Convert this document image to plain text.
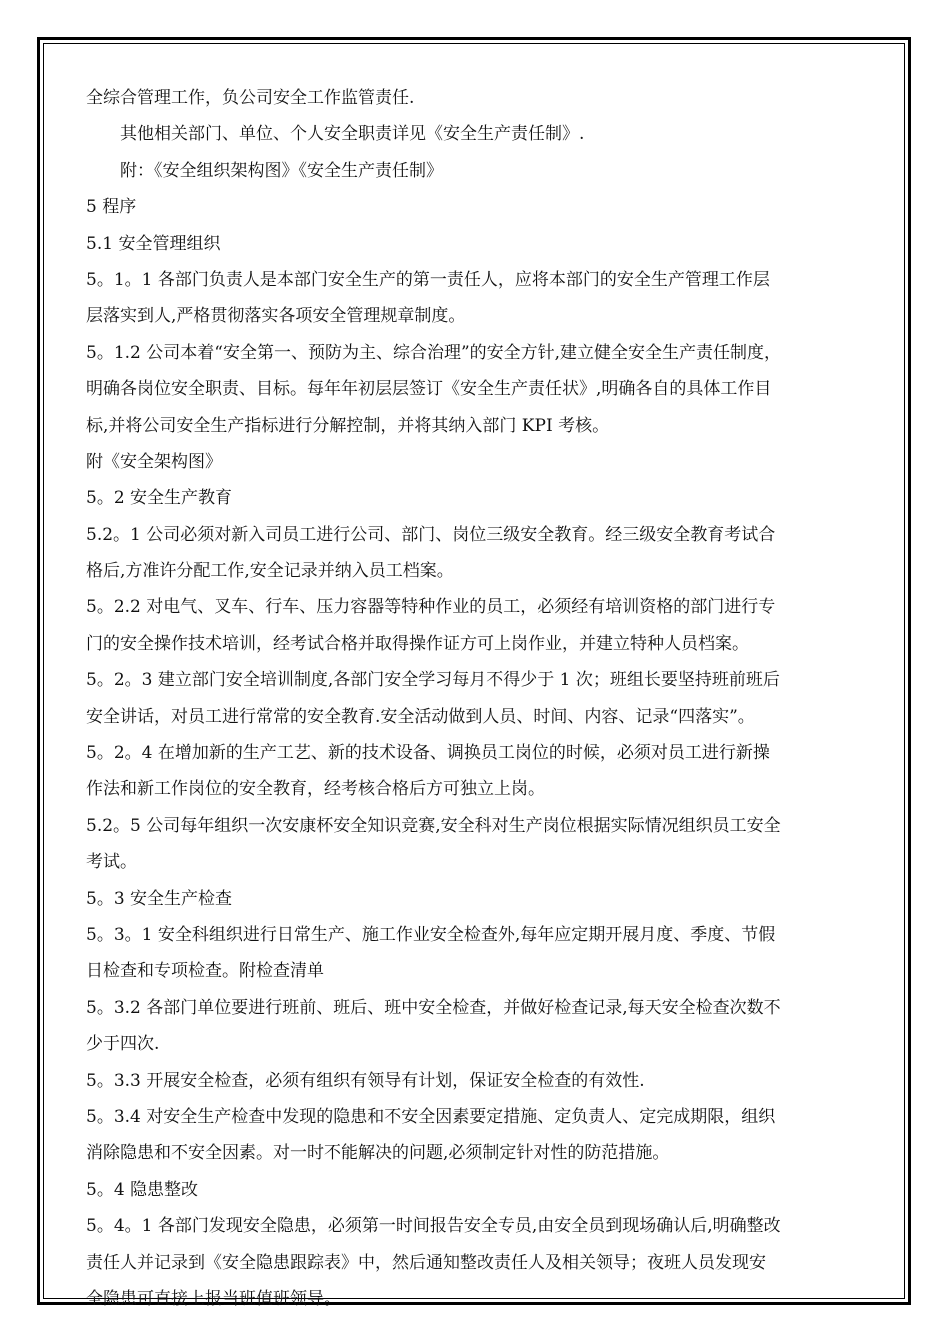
全综合管理工作，负公司安全工作监管责任.
其他相关部门、单位、个人安全职责详见《安全生产责任制》.
附：《安全组织架构图》《安全生产责任制》
5 程序
5.1 安全管理组织
5。1。1 各部门负责人是本部门安全生产的第一责任人，应将本部门的安全生产管理工作层
层落实到人,严格贯彻落实各项安全管理规章制度。
5。1.2 公司本着“安全第一、预防为主、综合治理”的安全方针,建立健全安全生产责任制度，
明确各岗位安全职责、目标。每年年初层层签订《安全生产责任状》,明确各自的具体工作目
标,并将公司安全生产指标进行分解控制，并将其纳入部门 KPI 考核。
附《安全架构图》
5。2 安全生产教育
5.2。1 公司必须对新入司员工进行公司、部门、岗位三级安全教育。经三级安全教育考试合
格后,方准许分配工作,安全记录并纳入员工档案。
5。2.2 对电气、叉车、行车、压力容器等特种作业的员工，必须经有培训资格的部门进行专
门的安全操作技术培训，经考试合格并取得操作证方可上岗作业，并建立特种人员档案。
5。2。3 建立部门安全培训制度,各部门安全学习每月不得少于 1 次；班组长要坚持班前班后
安全讲话，对员工进行常常的安全教育.安全活动做到人员、时间、内容、记录“四落实”。
5。2。4 在增加新的生产工艺、新的技术设备、调换员工岗位的时候，必须对员工进行新操
作法和新工作岗位的安全教育，经考核合格后方可独立上岗。
5.2。5 公司每年组织一次安康杯安全知识竞赛,安全科对生产岗位根据实际情况组织员工安全
考试。
5。3 安全生产检查
5。3。1 安全科组织进行日常生产、施工作业安全检查外,每年应定期开展月度、季度、节假
日检查和专项检查。附检查清单
5。3.2 各部门单位要进行班前、班后、班中安全检查，并做好检查记录,每天安全检查次数不
少于四次.
5。3.3 开展安全检查，必须有组织有领导有计划，保证安全检查的有效性.
5。3.4 对安全生产检查中发现的隐患和不安全因素要定措施、定负责人、定完成期限，组织
消除隐患和不安全因素。对一时不能解决的问题,必须制定针对性的防范措施。
5。4 隐患整改
5。4。1 各部门发现安全隐患，必须第一时间报告安全专员,由安全员到现场确认后,明确整改
责任人并记录到《安全隐患跟踪表》中，然后通知整改责任人及相关领导；夜班人员发现安
全隐患可直接上报当班值班领导。
